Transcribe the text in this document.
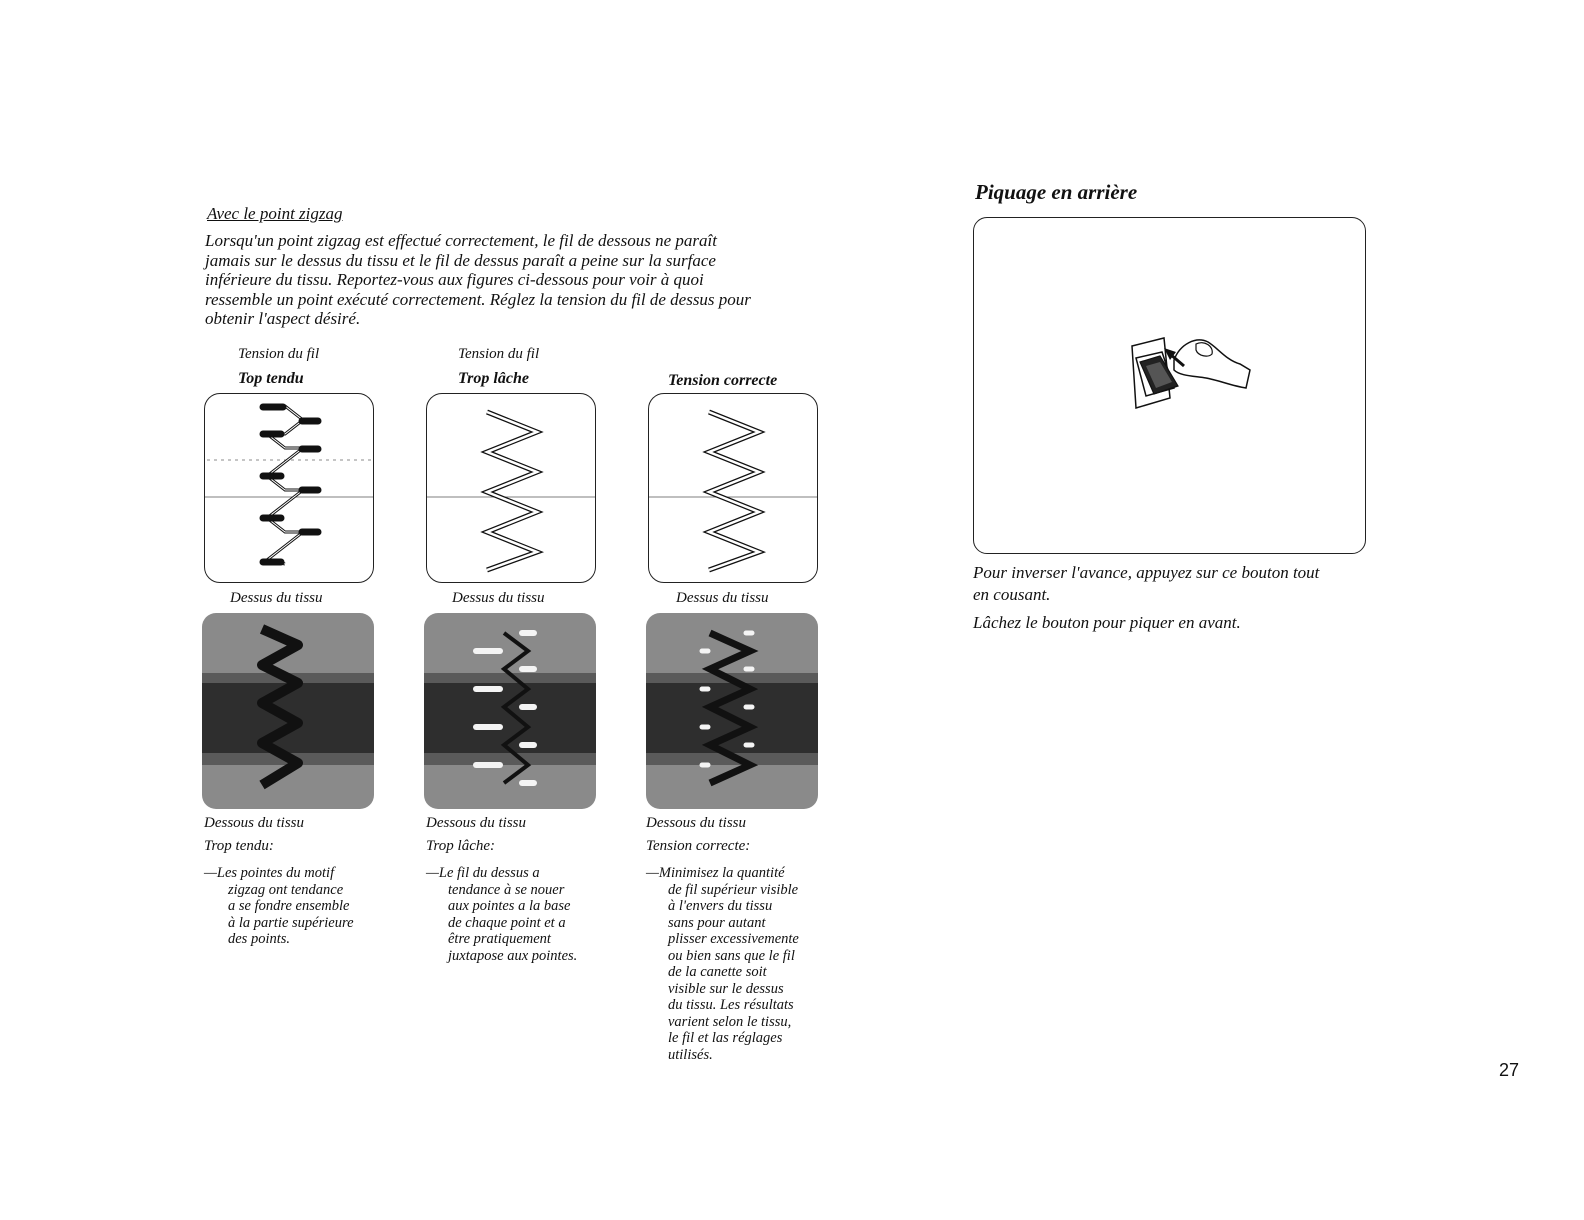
Avec le point zigzag
Lorsqu'un point zigzag est effectué correctement, le fil de dessous ne paraît
jamais sur le dessus du tissu et le fil de dessus paraît a peine sur la surface
inférieure du tissu. Reportez-vous aux figures ci-dessous pour voir à quoi
ressemble un point exécuté correctement. Réglez la tension du fil de dessus pour
obtenir l'aspect désiré.
Tension du fil
Top tendu
Dessus du tissu
Dessous du tissu
Trop tendu:
—Les pointes du motif
zigzag ont tendance
a se fondre ensemble
à la partie supérieure
des points.
Tension du fil
Trop lâche
Dessus du tissu
Dessous du tissu
Trop lâche:
—Le fil du dessus a
tendance à se nouer
aux pointes a la base
de chaque point et a
être pratiquement
juxtapose aux pointes.
Tension correcte
Dessus du tissu
Dessous du tissu
Tension correcte:
—Minimisez la quantité
de fil supérieur visible
à l'envers du tissu
sans pour autant
plisser excessivemente
ou bien sans que le fil
de la canette soit
visible sur le dessus
du tissu. Les résultats
varient selon le tissu,
le fil et las réglages
utilisés.
Piquage en arrière
Pour inverser l'avance, appuyez sur ce bouton tout
en cousant.
Lâchez le bouton pour piquer en avant.
27
